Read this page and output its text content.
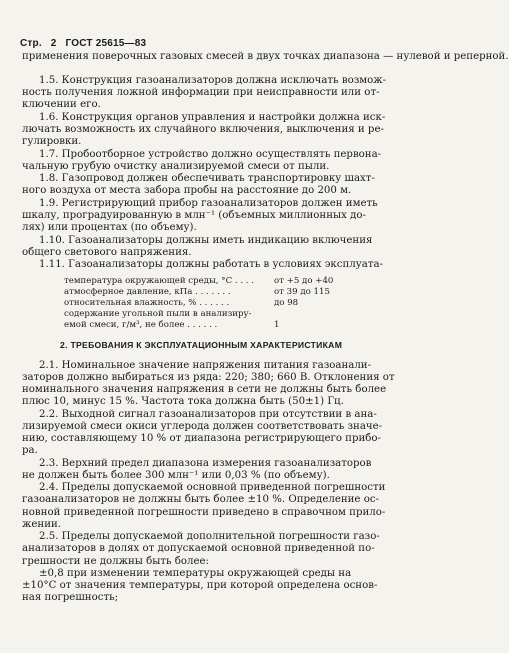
Стр. 2 ГОСТ 25615—83
применения поверочных газовых смесей в двух точках диапазона — нулевой и реперной.
1.5. Конструкция газоанализаторов должна исключать возмож-
ность получения ложной информации при неисправности или от-
ключении его.
1.6. Конструкция органов управления и настройки должна иск-
лючать возможность их случайного включения, выключения и ре-
гулировки.
1.7. Пробоотборное устройство должно осуществлять первона-
чальную грубую очистку анализируемой смеси от пыли.
1.8. Газопровод должен обеспечивать транспортировку шахт-
ного воздуха от места забора пробы на расстояние до 200 м.
1.9. Регистрирующий прибор газоанализаторов должен иметь
шкалу, проградуированную в млн⁻¹ (объемных миллионных до-
лях) или процентах (по объему).
1.10. Газоанализаторы должны иметь индикацию включения
общего светового напряжения.
1.11. Газоанализаторы должны работать в условиях эксплуата-
температура окружающей среды, °C . . . . от +5 до +40
атмосферное давление, кПа . . . . . . .	от 39 до 115
относительная влажность, % . . . . . .	до 98
содержание угольной пыли в анализиру-
емой смеси, г/м³, не более . . . . . .	1
2. ТРЕБОВАНИЯ К ЭКСПЛУАТАЦИОННЫМ ХАРАКТЕРИСТИКАМ
2.1. Номинальное значение напряжения питания газоанали-
заторов должно выбираться из ряда: 220; 380; 660 В. Отклонения от
номинального значения напряжения в сети не должны быть более
плюс 10, минус 15 %. Частота тока должна быть (50±1) Гц.
2.2. Выходной сигнал газоанализаторов при отсутствии в ана-
лизируемой смеси окиси углерода должен соответствовать значе-
нию, составляющему 10 % от диапазона регистрирующего прибо-
ра.
2.3. Верхний предел диапазона измерения газоанализаторов
не должен быть более 300 млн⁻¹ или 0,03 % (по объему).
2.4. Пределы допускаемой основной приведенной погрешности
газоанализаторов не должны быть более ±10 %. Определение ос-
новной приведенной погрешности приведено в справочном прило-
жении.
2.5. Пределы допускаемой дополнительной погрешности газо-
анализаторов в долях от допускаемой основной приведенной по-
грешности не должны быть более:
±0,8 при изменении температуры окружающей среды на
±10°C от значения температуры, при которой определена основ-
ная погрешность;
